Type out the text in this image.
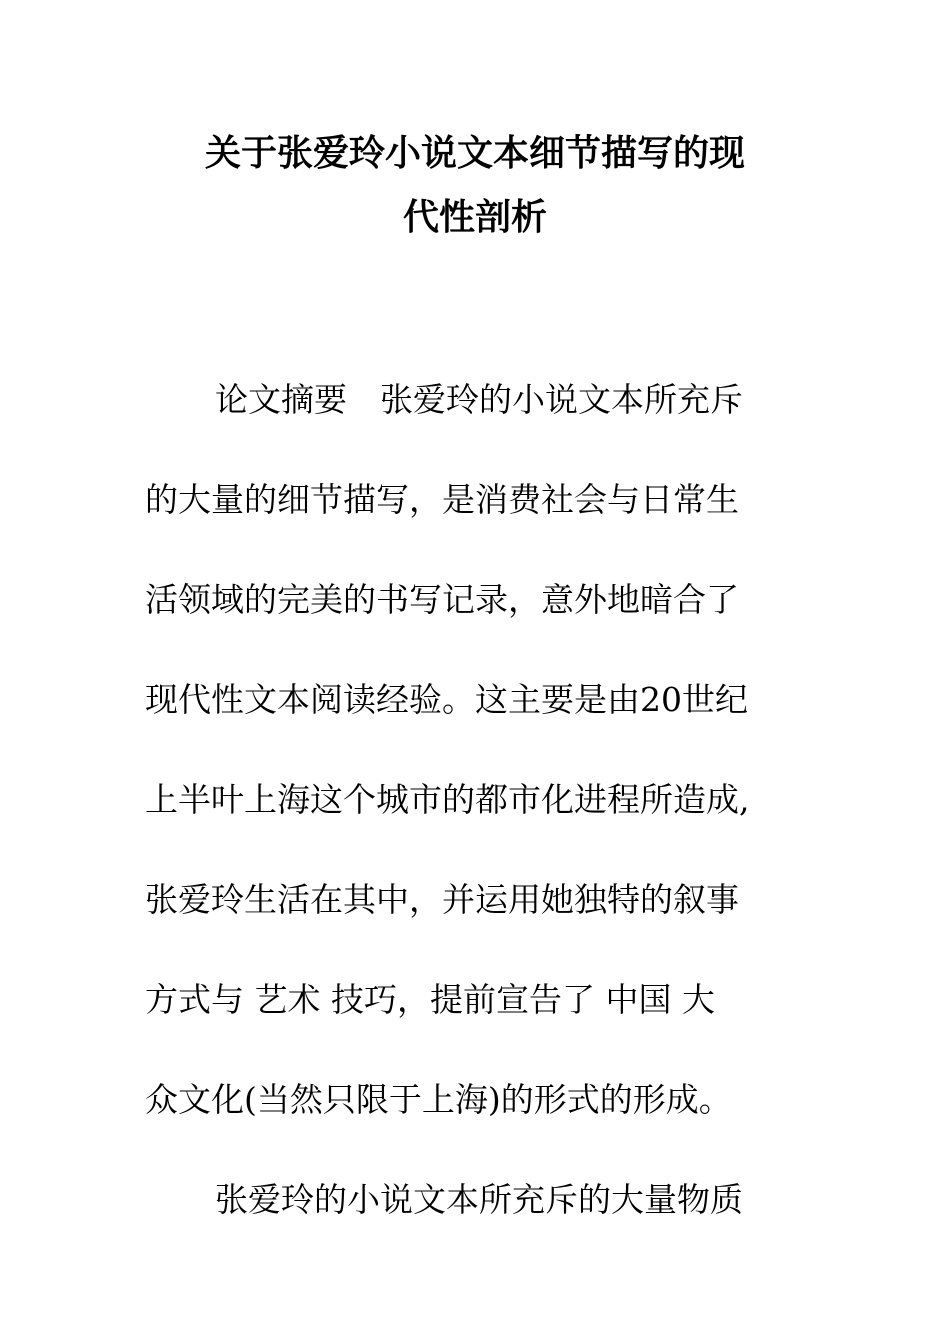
关于张爱玲小说文本细节描写的现
代性剖析
论文摘要　张爱玲的小说文本所充斥
的大量的细节描写，是消费社会与日常生
活领域的完美的书写记录，意外地暗合了
现代性文本阅读经验。这主要是由20世纪
上半叶上海这个城市的都市化进程所造成,
张爱玲生活在其中，并运用她独特的叙事
方式与 艺术 技巧，提前宣告了 中国 大
众文化(当然只限于上海)的形式的形成。
张爱玲的小说文本所充斥的大量物质
